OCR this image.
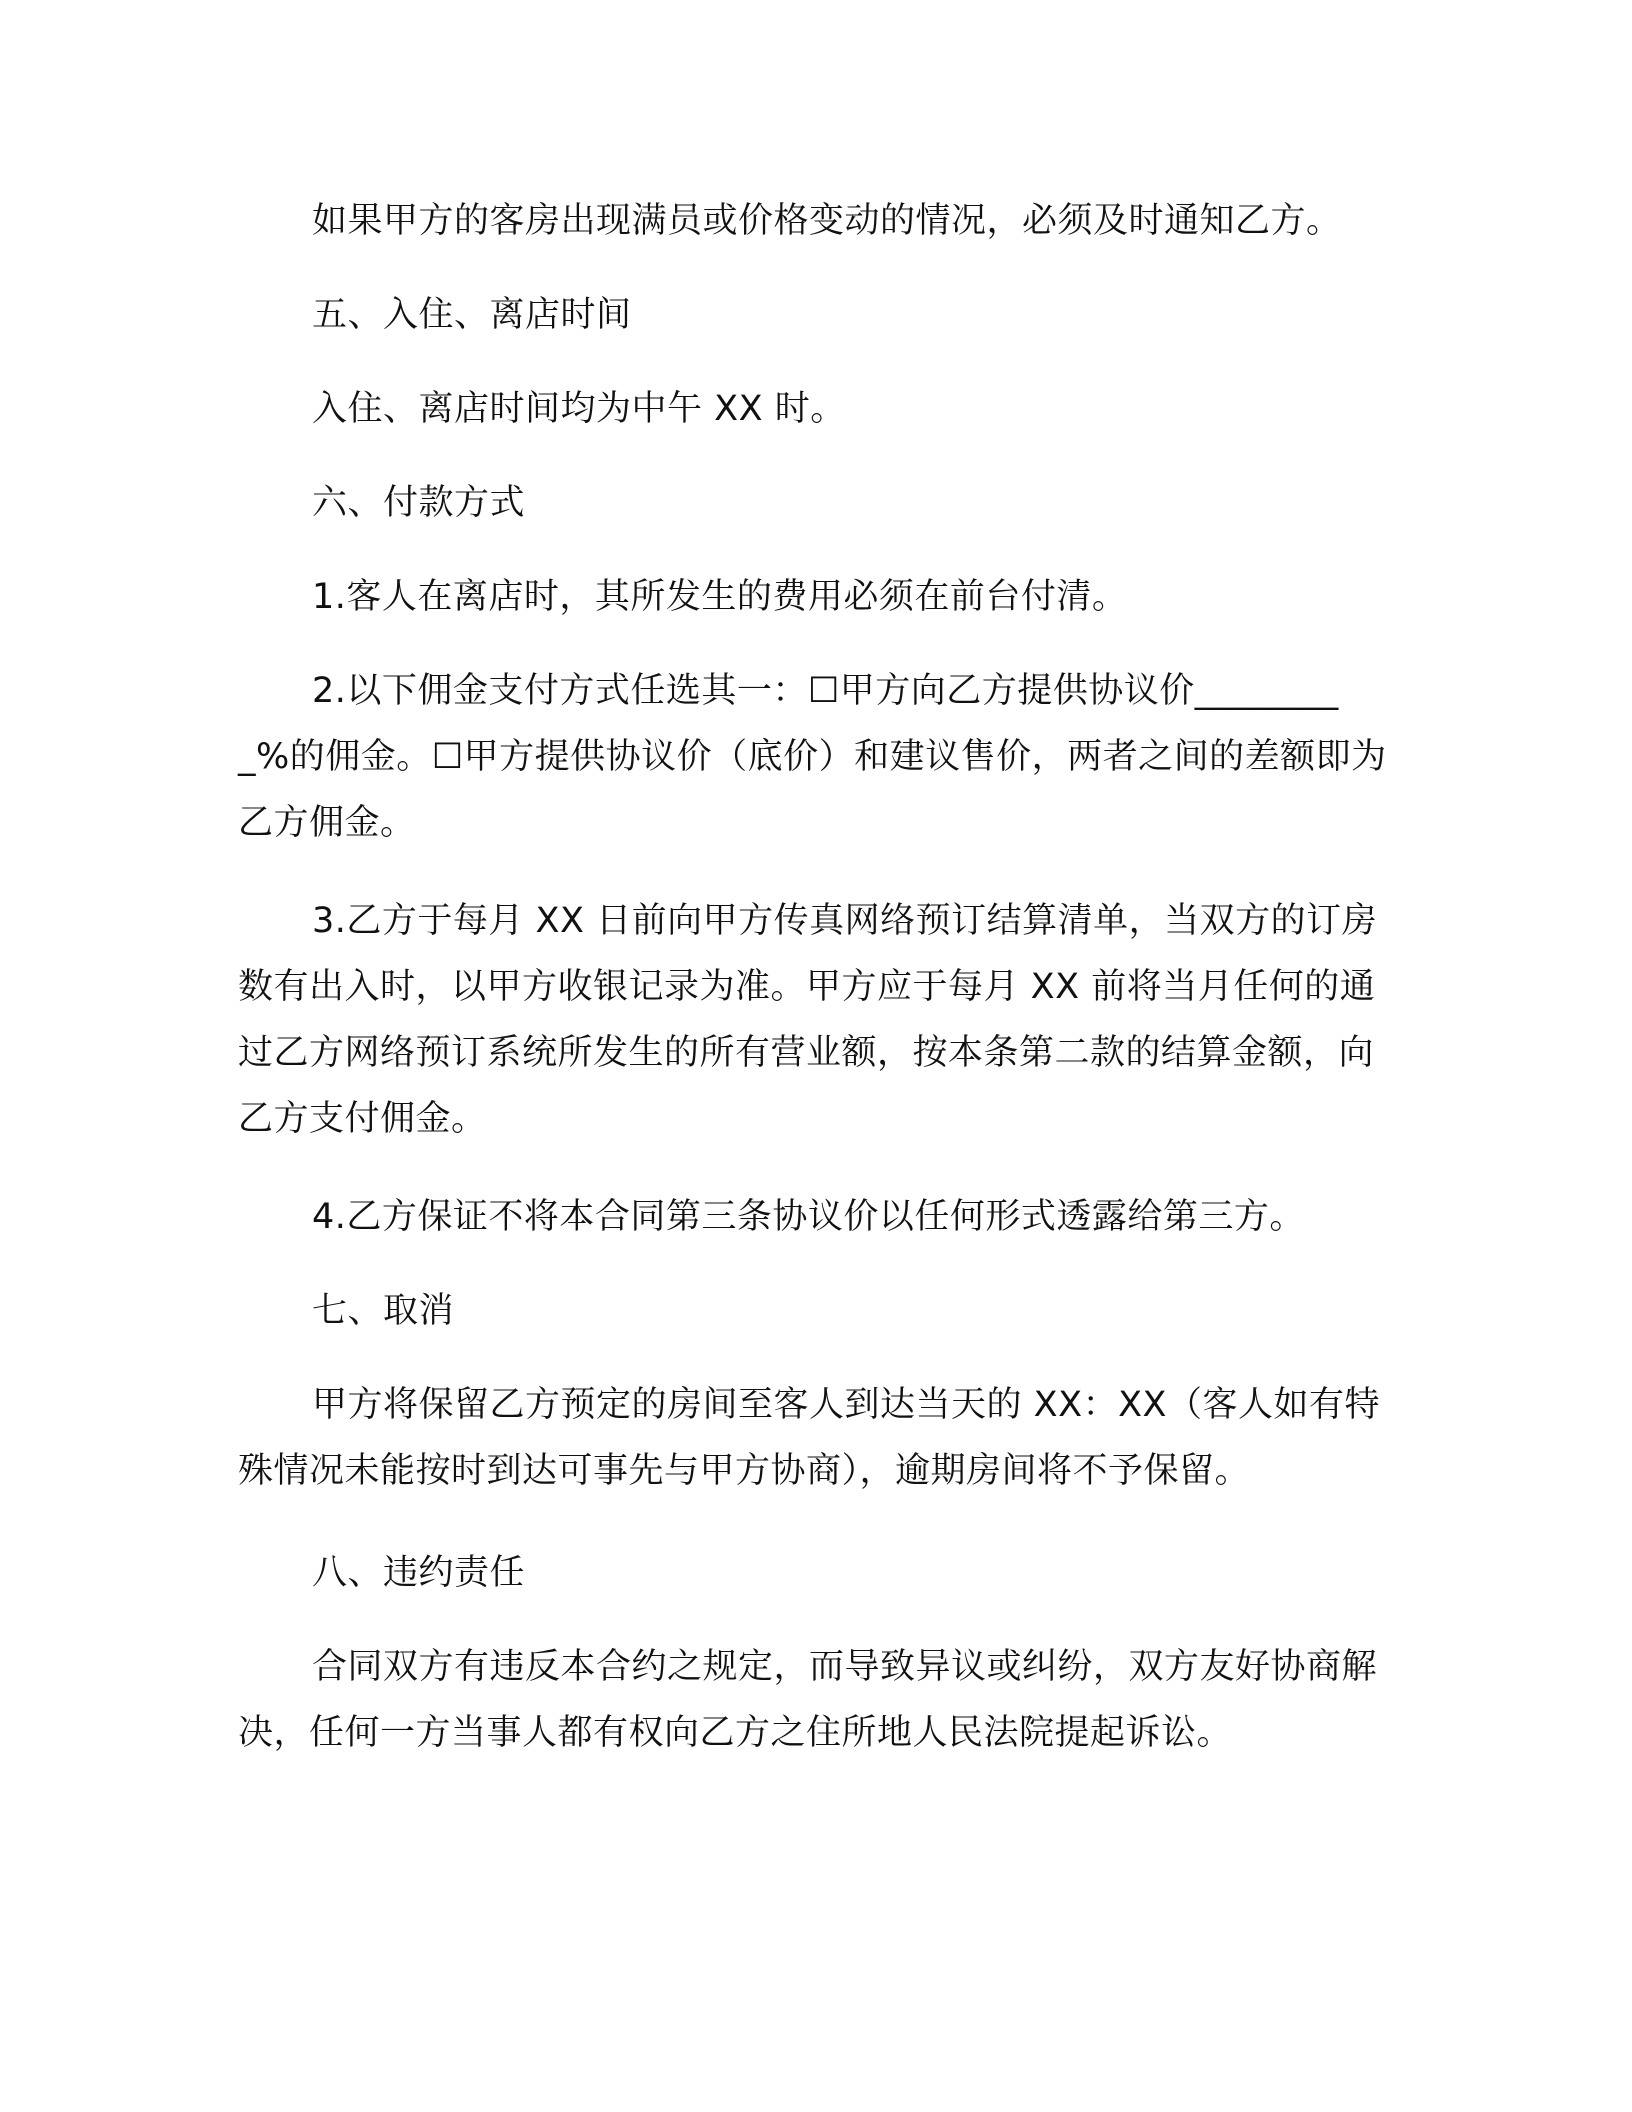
如果甲方的客房出现满员或价格变动的情况，必须及时通知乙方。

五、入住、离店时间

入住、离店时间均为中午 XX 时。

六、付款方式

1.客人在离店时，其所发生的费用必须在前台付清。

2.以下佣金支付方式任选其一：☐甲方向乙方提供协议价_________%的佣金。☐甲方提供协议价（底价）和建议售价，两者之间的差额即为乙方佣金。

3.乙方于每月 XX 日前向甲方传真网络预订结算清单，当双方的订房数有出入时，以甲方收银记录为准。甲方应于每月 XX 前将当月任何的通过乙方网络预订系统所发生的所有营业额，按本条第二款的结算金额，向乙方支付佣金。

4.乙方保证不将本合同第三条协议价以任何形式透露给第三方。

七、取消

甲方将保留乙方预定的房间至客人到达当天的 XX：XX（客人如有特殊情况未能按时到达可事先与甲方协商），逾期房间将不予保留。

八、违约责任

合同双方有违反本合约之规定，而导致异议或纠纷，双方友好协商解决，任何一方当事人都有权向乙方之住所地人民法院提起诉讼。
